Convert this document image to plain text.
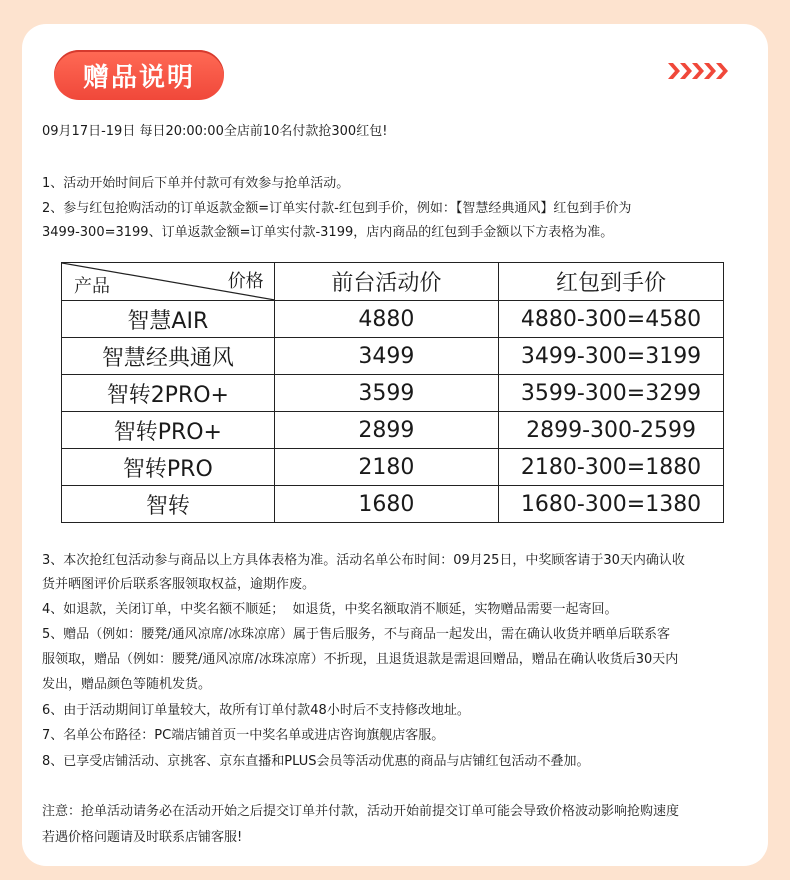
赠品说明
09月17日-19日 每日20:00:00全店前10名付款抢300红包!
1、活动开始时间后下单并付款可有效参与抢单活动。
2、参与红包抢购活动的订单返款金额=订单实付款-红包到手价，例如：【智慧经典通风】红包到手价为
3499-300=3199、订单返款金额=订单实付款-3199，店内商品的红包到手金额以下方表格为准。
价格
产品	前台活动价	红包到手价
智慧AIR	4880	4880-300=4580
智慧经典通风	3499	3499-300=3199
智转2PRO+	3599	3599-300=3299
智转PRO+	2899	2899-300-2599
智转PRO	2180	2180-300=1880
智转	1680	1680-300=1380
3、本次抢红包活动参与商品以上方具体表格为准。活动名单公布时间：09月25日，中奖顾客请于30天内确认收
货并晒图评价后联系客服领取权益，逾期作废。
4、如退款，关闭订单，中奖名额不顺延；  如退货，中奖名额取消不顺延，实物赠品需要一起寄回。
5、赠品（例如：腰凳/通风凉席/冰珠凉席）属于售后服务，不与商品一起发出，需在确认收货并晒单后联系客
服领取，赠品（例如：腰凳/通风凉席/冰珠凉席）不折现，且退货退款是需退回赠品，赠品在确认收货后30天内
发出，赠品颜色等随机发货。
6、由于活动期间订单量较大，故所有订单付款48小时后不支持修改地址。
7、名单公布路径：PC端店铺首页一中奖名单或进店咨询旗舰店客服。
8、已享受店铺活动、京挑客、京东直播和PLUS会员等活动优惠的商品与店铺红包活动不叠加。
注意：抢单活动请务必在活动开始之后提交订单并付款，活动开始前提交订单可能会导致价格波动影响抢购速度
若遇价格问题请及时联系店铺客服!
